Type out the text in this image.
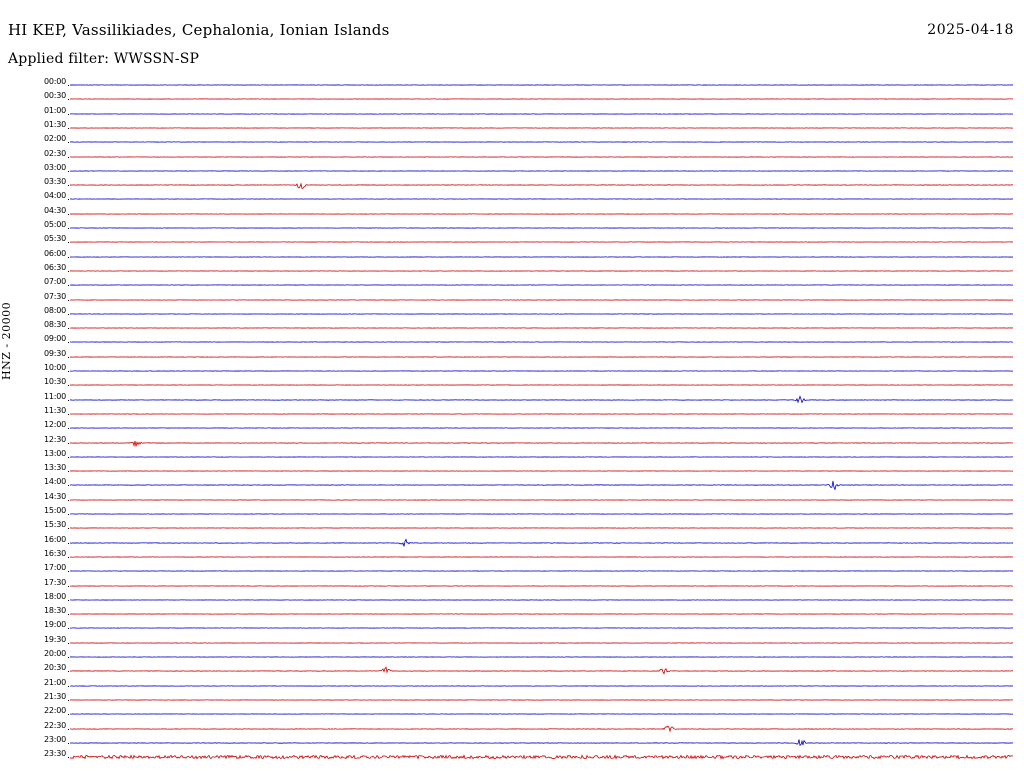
HI KEP, Vassilikiades, Cephalonia, Ionian Islands	2025-04-18
Applied filter: WWSSN-SP
HNZ - 20000
00:00
00:30
01:00
01:30
02:00
02:30
03:00
03:30
04:00
04:30
05:00
05:30
06:00
06:30
07:00
07:30
08:00
08:30
09:00
09:30
10:00
10:30
11:00
11:30
12:00
12:30
13:00
13:30
14:00
14:30
15:00
15:30
16:00
16:30
17:00
17:30
18:00
18:30
19:00
19:30
20:00
20:30
21:00
21:30
22:00
22:30
23:00
23:30
